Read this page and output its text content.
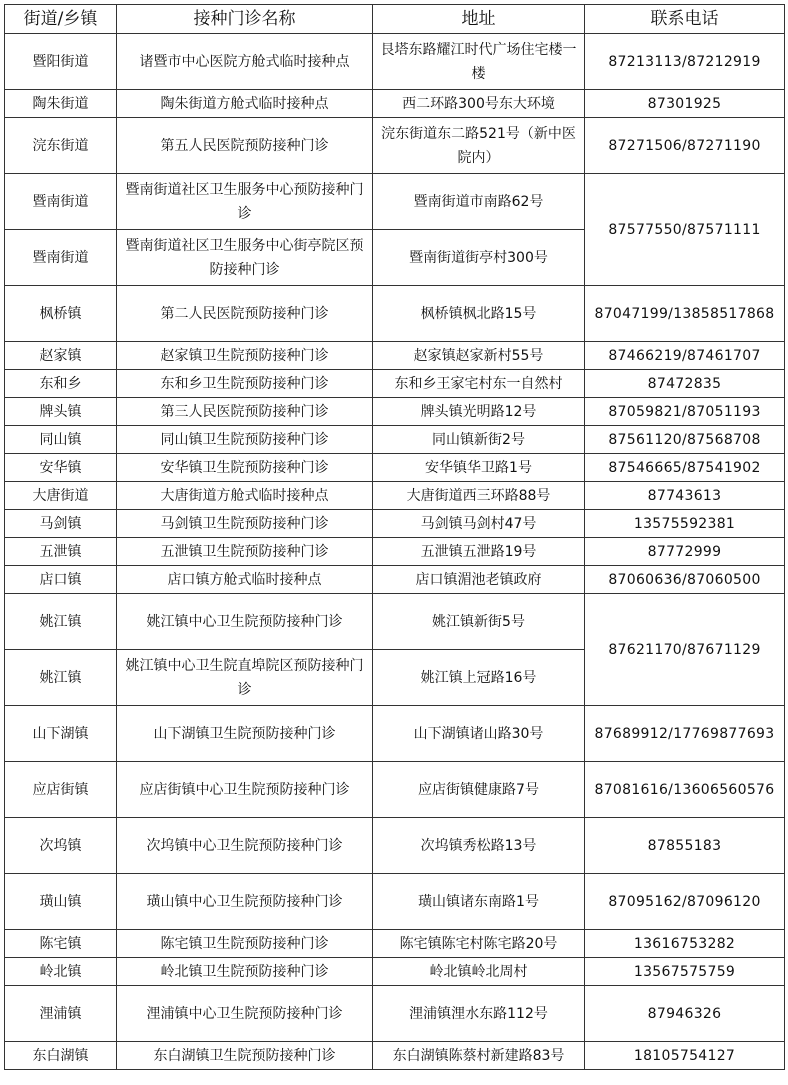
街道/乡镇	接种门诊名称	地址	联系电话
暨阳街道	诸暨市中心医院方舱式临时接种点	艮塔东路耀江时代广场住宅楼一楼	87213113/87212919
陶朱街道	陶朱街道方舱式临时接种点	西二环路300号东大环境	87301925
浣东街道	第五人民医院预防接种门诊	浣东街道东二路521号（新中医院内）	87271506/87271190
暨南街道	暨南街道社区卫生服务中心预防接种门诊	暨南街道市南路62号	87577550/87571111
暨南街道	暨南街道社区卫生服务中心街亭院区预防接种门诊	暨南街道街亭村300号	
枫桥镇	第二人民医院预防接种门诊	枫桥镇枫北路15号	87047199/13858517868
赵家镇	赵家镇卫生院预防接种门诊	赵家镇赵家新村55号	87466219/87461707
东和乡	东和乡卫生院预防接种门诊	东和乡王家宅村东一自然村	87472835
牌头镇	第三人民医院预防接种门诊	牌头镇光明路12号	87059821/87051193
同山镇	同山镇卫生院预防接种门诊	同山镇新街2号	87561120/87568708
安华镇	安华镇卫生院预防接种门诊	安华镇华卫路1号	87546665/87541902
大唐街道	大唐街道方舱式临时接种点	大唐街道西三环路88号	87743613
马剑镇	马剑镇卫生院预防接种门诊	马剑镇马剑村47号	13575592381
五泄镇	五泄镇卫生院预防接种门诊	五泄镇五泄路19号	87772999
店口镇	店口镇方舱式临时接种点	店口镇湄池老镇政府	87060636/87060500
姚江镇	姚江镇中心卫生院预防接种门诊	姚江镇新街5号	87621170/87671129
姚江镇	姚江镇中心卫生院直埠院区预防接种门诊	姚江镇上冠路16号	
山下湖镇	山下湖镇卫生院预防接种门诊	山下湖镇诸山路30号	87689912/17769877693
应店街镇	应店街镇中心卫生院预防接种门诊	应店街镇健康路7号	87081616/13606560576
次坞镇	次坞镇中心卫生院预防接种门诊	次坞镇秀松路13号	87855183
璜山镇	璜山镇中心卫生院预防接种门诊	璜山镇诸东南路1号	87095162/87096120
陈宅镇	陈宅镇卫生院预防接种门诊	陈宅镇陈宅村陈宅路20号	13616753282
岭北镇	岭北镇卫生院预防接种门诊	岭北镇岭北周村	13567575759
浬浦镇	浬浦镇中心卫生院预防接种门诊	浬浦镇浬水东路112号	87946326
东白湖镇	东白湖镇卫生院预防接种门诊	东白湖镇陈蔡村新建路83号	18105754127
